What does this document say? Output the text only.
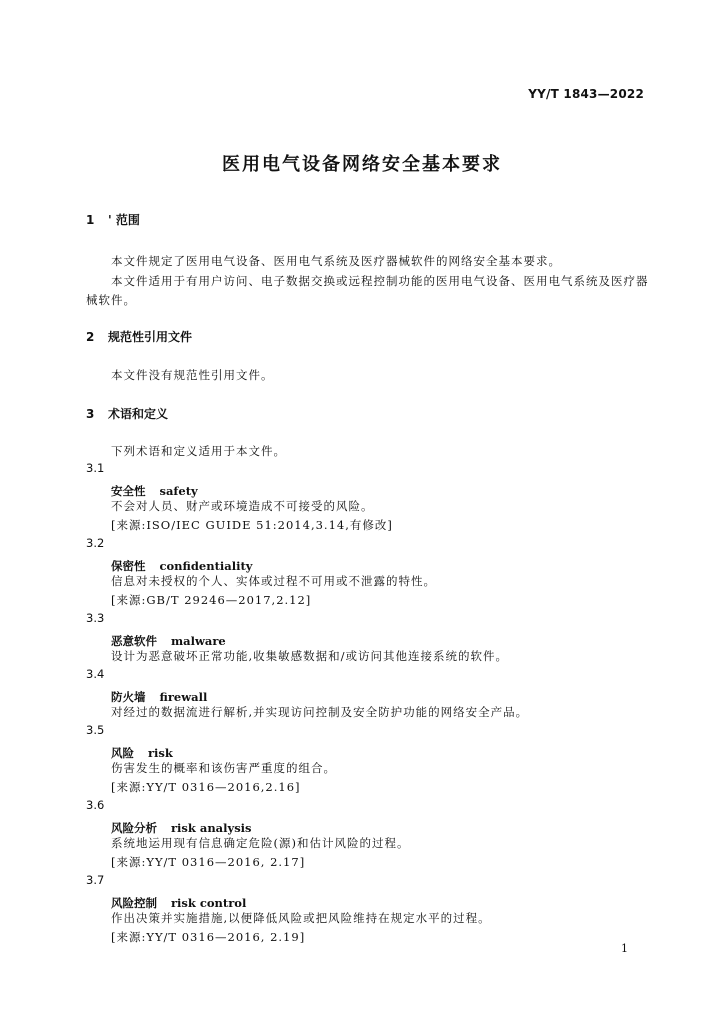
YY/T 1843—2022
医用电气设备网络安全基本要求
1 ' 范围
本文件规定了医用电气设备、医用电气系统及医疗器械软件的网络安全基本要求。
本文件适用于有用户访问、电子数据交换或远程控制功能的医用电气设备、医用电气系统及医疗器
械软件。
2 规范性引用文件
本文件没有规范性引用文件。
3 术语和定义
下列术语和定义适用于本文件。
3.1
安全性 safety
不会对人员、财产或环境造成不可接受的风险。
[来源:ISO/IEC GUIDE 51:2014,3.14,有修改]
3.2
保密性 confidentiality
信息对未授权的个人、实体或过程不可用或不泄露的特性。
[来源:GB/T 29246—2017,2.12]
3.3
恶意软件 malware
设计为恶意破坏正常功能,收集敏感数据和/或访问其他连接系统的软件。
3.4
防火墙 firewall
对经过的数据流进行解析,并实现访问控制及安全防护功能的网络安全产品。
3.5
风险 risk
伤害发生的概率和该伤害严重度的组合。
[来源:YY/T 0316—2016,2.16]
3.6
风险分析 risk analysis
系统地运用现有信息确定危险(源)和估计风险的过程。
[来源:YY/T 0316—2016, 2.17]
3.7
风险控制 risk control
作出决策并实施措施,以便降低风险或把风险维持在规定水平的过程。
[来源:YY/T 0316—2016, 2.19]
1
